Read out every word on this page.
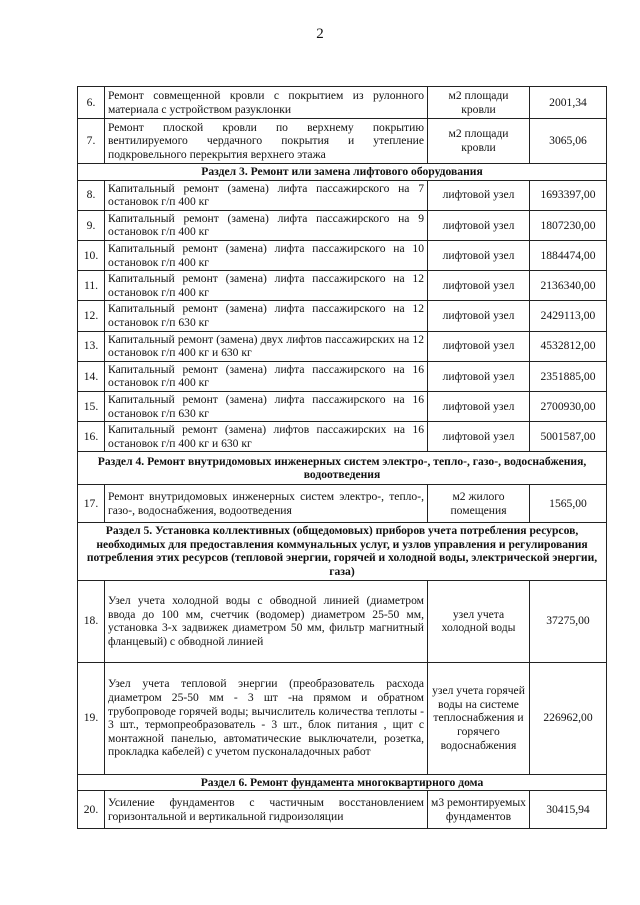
2
6.	Ремонт совмещенной кровли с покрытием из рулонного материала с устройством разуклонки	м2 площади кровли	2001,34
7.	Ремонт плоской кровли по верхнему покрытию вентилируемого чердачного покрытия и утепление подкровельного перекрытия верхнего этажа	м2 площади кровли	3065,06
Раздел 3. Ремонт или замена лифтового оборудования			
8.	Капитальный ремонт (замена) лифта пассажирского на 7 остановок г/п 400 кг	лифтовой узел	1693397,00
9.	Капитальный ремонт (замена) лифта пассажирского на 9 остановок г/п 400 кг	лифтовой узел	1807230,00
10.	Капитальный ремонт (замена) лифта пассажирского на 10 остановок г/п 400 кг	лифтовой узел	1884474,00
11.	Капитальный ремонт (замена) лифта пассажирского на 12 остановок г/п 400 кг	лифтовой узел	2136340,00
12.	Капитальный ремонт (замена) лифта пассажирского на 12 остановок г/п 630 кг	лифтовой узел	2429113,00
13.	Капитальный ремонт (замена) двух лифтов пассажирских на 12 остановок г/п 400 кг и 630 кг	лифтовой узел	4532812,00
14.	Капитальный ремонт (замена) лифта пассажирского на 16 остановок г/п 400 кг	лифтовой узел	2351885,00
15.	Капитальный ремонт (замена) лифта пассажирского на 16 остановок г/п 630 кг	лифтовой узел	2700930,00
16.	Капитальный ремонт (замена) лифтов пассажирских на 16 остановок г/п 400 кг и 630 кг	лифтовой узел	5001587,00
Раздел 4. Ремонт внутридомовых инженерных систем электро-, тепло-, газо-, водоснабжения, водоотведения			
17.	Ремонт внутридомовых инженерных систем электро-, тепло-, газо-, водоснабжения, водоотведения	м2 жилого помещения	1565,00
Раздел 5. Установка коллективных (общедомовых) приборов учета потребления ресурсов, необходимых для предоставления коммунальных услуг, и узлов управления и регулирования потребления этих ресурсов (тепловой энергии, горячей и холодной воды, электрической энергии, газа)			
18.	Узел учета холодной воды с обводной линией (диаметром ввода до 100 мм, счетчик (водомер) диаметром 25-50 мм, установка 3-х задвижек диаметром 50 мм, фильтр магнитный фланцевый) с обводной линией	узел учета холодной воды	37275,00
19.	Узел учета тепловой энергии (преобразователь расхода диаметром 25-50 мм - 3 шт -на прямом и обратном трубопроводе горячей воды; вычислитель количества теплоты - 3 шт., термопреобразователь - 3 шт., блок питания , щит с монтажной панелью, автоматические выключатели, розетка, прокладка кабелей) с учетом пусконаладочных работ	узел учета горячей воды на системе теплоснабжения и горячего водоснабжения	226962,00
Раздел 6. Ремонт фундамента многоквартирного дома			
20.	Усиление фундаментов с частичным восстановлением горизонтальной и вертикальной гидроизоляции	м3 ремонтируемых фундаментов	30415,94
